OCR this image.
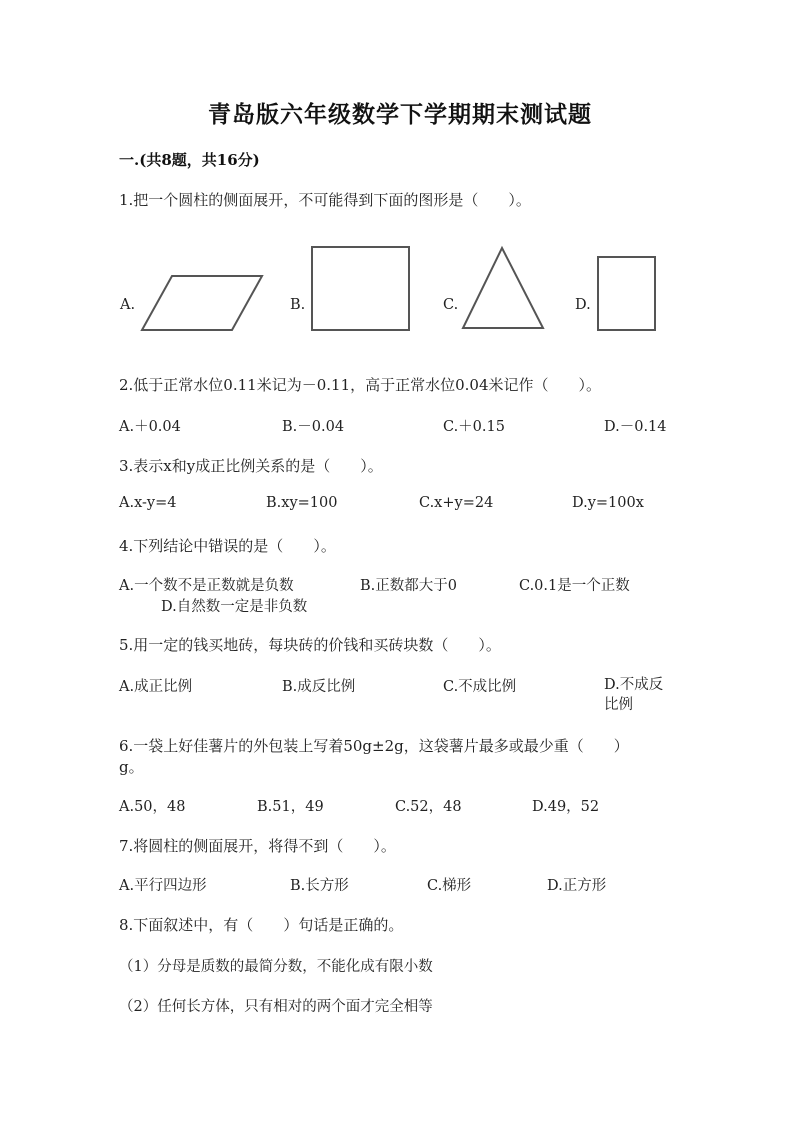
青岛版六年级数学下学期期末测试题
一.(共8题，共16分)
1.把一个圆柱的侧面展开，不可能得到下面的图形是（　　）。
A.	B.	C.	D.
2.低于正常水位0.11米记为－0.11，高于正常水位0.04米记作（　　）。
A.＋0.04	B.－0.04	C.＋0.15	D.－0.14
3.表示x和y成正比例关系的是（　　）。
A.x-y=4	B.xy=100	C.x+y=24	D.y=100x
4.下列结论中错误的是（　　）。
A.一个数不是正数就是负数	B.正数都大于0	C.0.1是一个正数
D.自然数一定是非负数
5.用一定的钱买地砖，每块砖的价钱和买砖块数（　　）。
A.成正比例	B.成反比例	C.不成比例	D.不成反比例
6.一袋上好佳薯片的外包装上写着50g±2g，这袋薯片最多或最少重（　　）
g。
A.50，48	B.51，49	C.52，48	D.49，52
7.将圆柱的侧面展开，将得不到（　　）。
A.平行四边形	B.长方形	C.梯形	D.正方形
8.下面叙述中，有（　　）句话是正确的。
（1）分母是质数的最简分数，不能化成有限小数
（2）任何长方体，只有相对的两个面才完全相等
